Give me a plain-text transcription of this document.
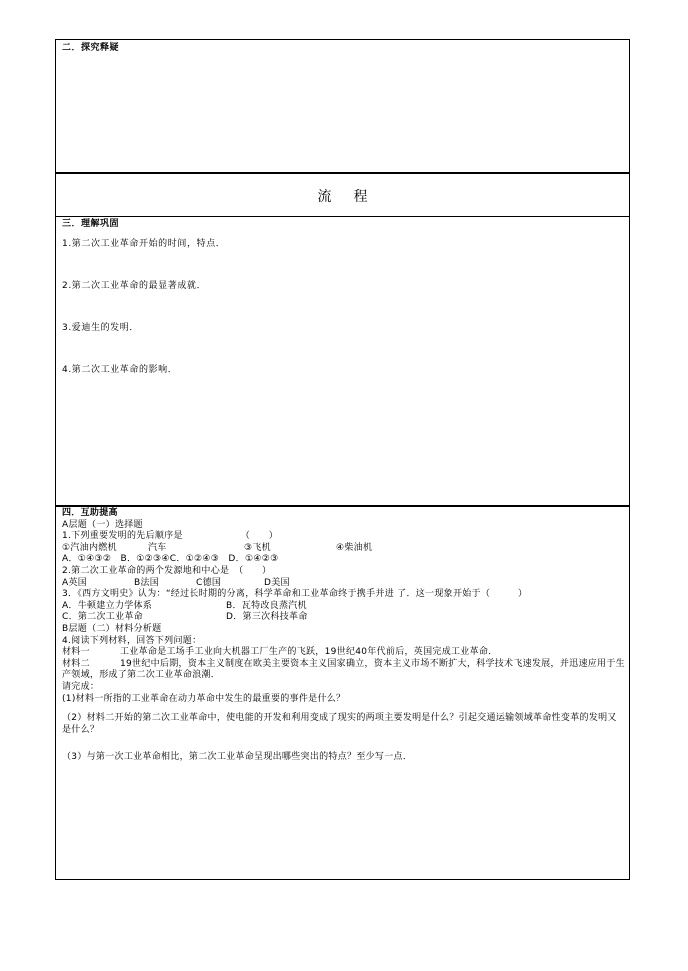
二．探究释疑
流程
三．理解巩固
1.第二次工业革命开始的时间，特点．
2.第二次工业革命的最显著成就．
3.爱迪生的发明．
4.第二次工业革命的影响．
四．互助提高
A层题（一）选择题
1.下列重要发明的先后顺序是	（　　）
①汽油内燃机	汽车	③飞机	④柴油机
A．①④③②　B．①②③④C．①②④③　D．①④②③
2.第二次工业革命的两个发源地和中心是　（　　）
A英国	B法国	C德国	D美国
3．《西方文明史》认为：“经过长时期的分离，科学革命和工业革命终于携手并进 了．这一现象开始于（　　　）
A．牛顿建立力学体系	B．瓦特改良蒸汽机
C．第二次工业革命	D．第三次科技革命
B层题（二）材料分析题
4.阅读下列材料，回答下列问题：
材料一	工业革命是工场手工业向大机器工厂生产的飞跃，19世纪40年代前后，英国完成工业革命．
材料二	19世纪中后期，资本主义制度在欧美主要资本主义国家确立，资本主义市场不断扩大，科学技术飞速发展，并迅速应用于生产领域，形成了第二次工业革命浪潮．
请完成：
(1)材料一所指的工业革命在动力革命中发生的最重要的事件是什么？
（2）材料二开始的第二次工业革命中，使电能的开发和利用变成了现实的两项主要发明是什么？引起交通运输领域革命性变革的发明又是什么？
（3）与第一次工业革命相比，第二次工业革命呈现出哪些突出的特点？至少写一点．
